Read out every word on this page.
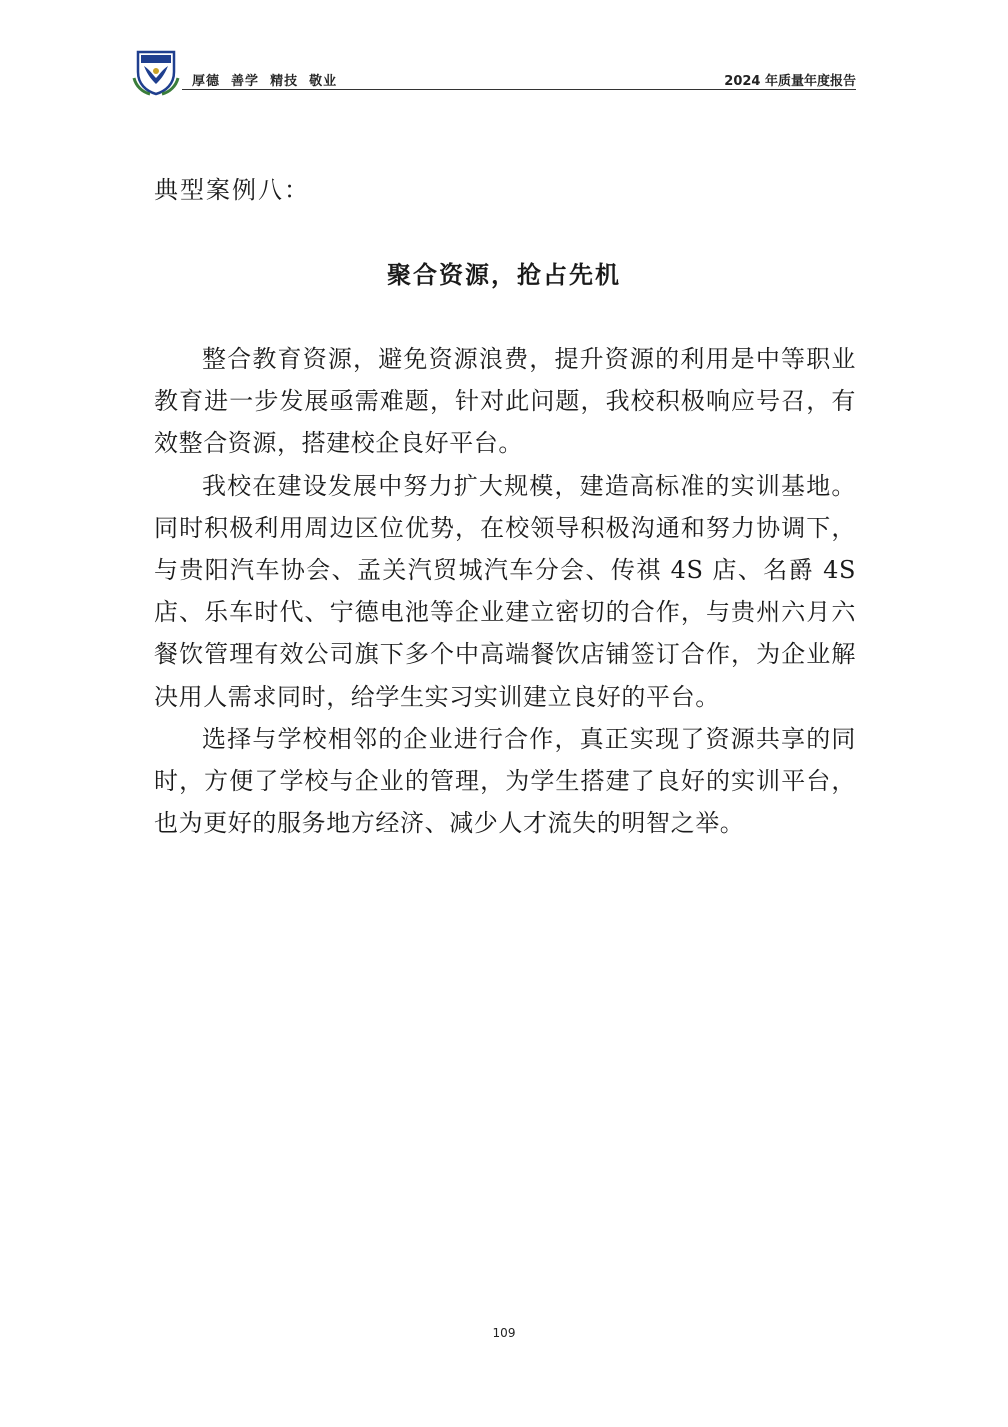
厚德  善学  精技  敬业	2024 年质量年度报告
典型案例八：
聚合资源，抢占先机

整合教育资源，避免资源浪费，提升资源的利用是中等职业教育进一步发展亟需难题，针对此问题，我校积极响应号召，有效整合资源，搭建校企良好平台。

我校在建设发展中努力扩大规模，建造高标准的实训基地。同时积极利用周边区位优势，在校领导积极沟通和努力协调下，与贵阳汽车协会、孟关汽贸城汽车分会、传祺 4S 店、名爵 4S 店、乐车时代、宁德电池等企业建立密切的合作，与贵州六月六餐饮管理有效公司旗下多个中高端餐饮店铺签订合作，为企业解决用人需求同时，给学生实习实训建立良好的平台。

选择与学校相邻的企业进行合作，真正实现了资源共享的同时，方便了学校与企业的管理，为学生搭建了良好的实训平台，也为更好的服务地方经济、减少人才流失的明智之举。

109
